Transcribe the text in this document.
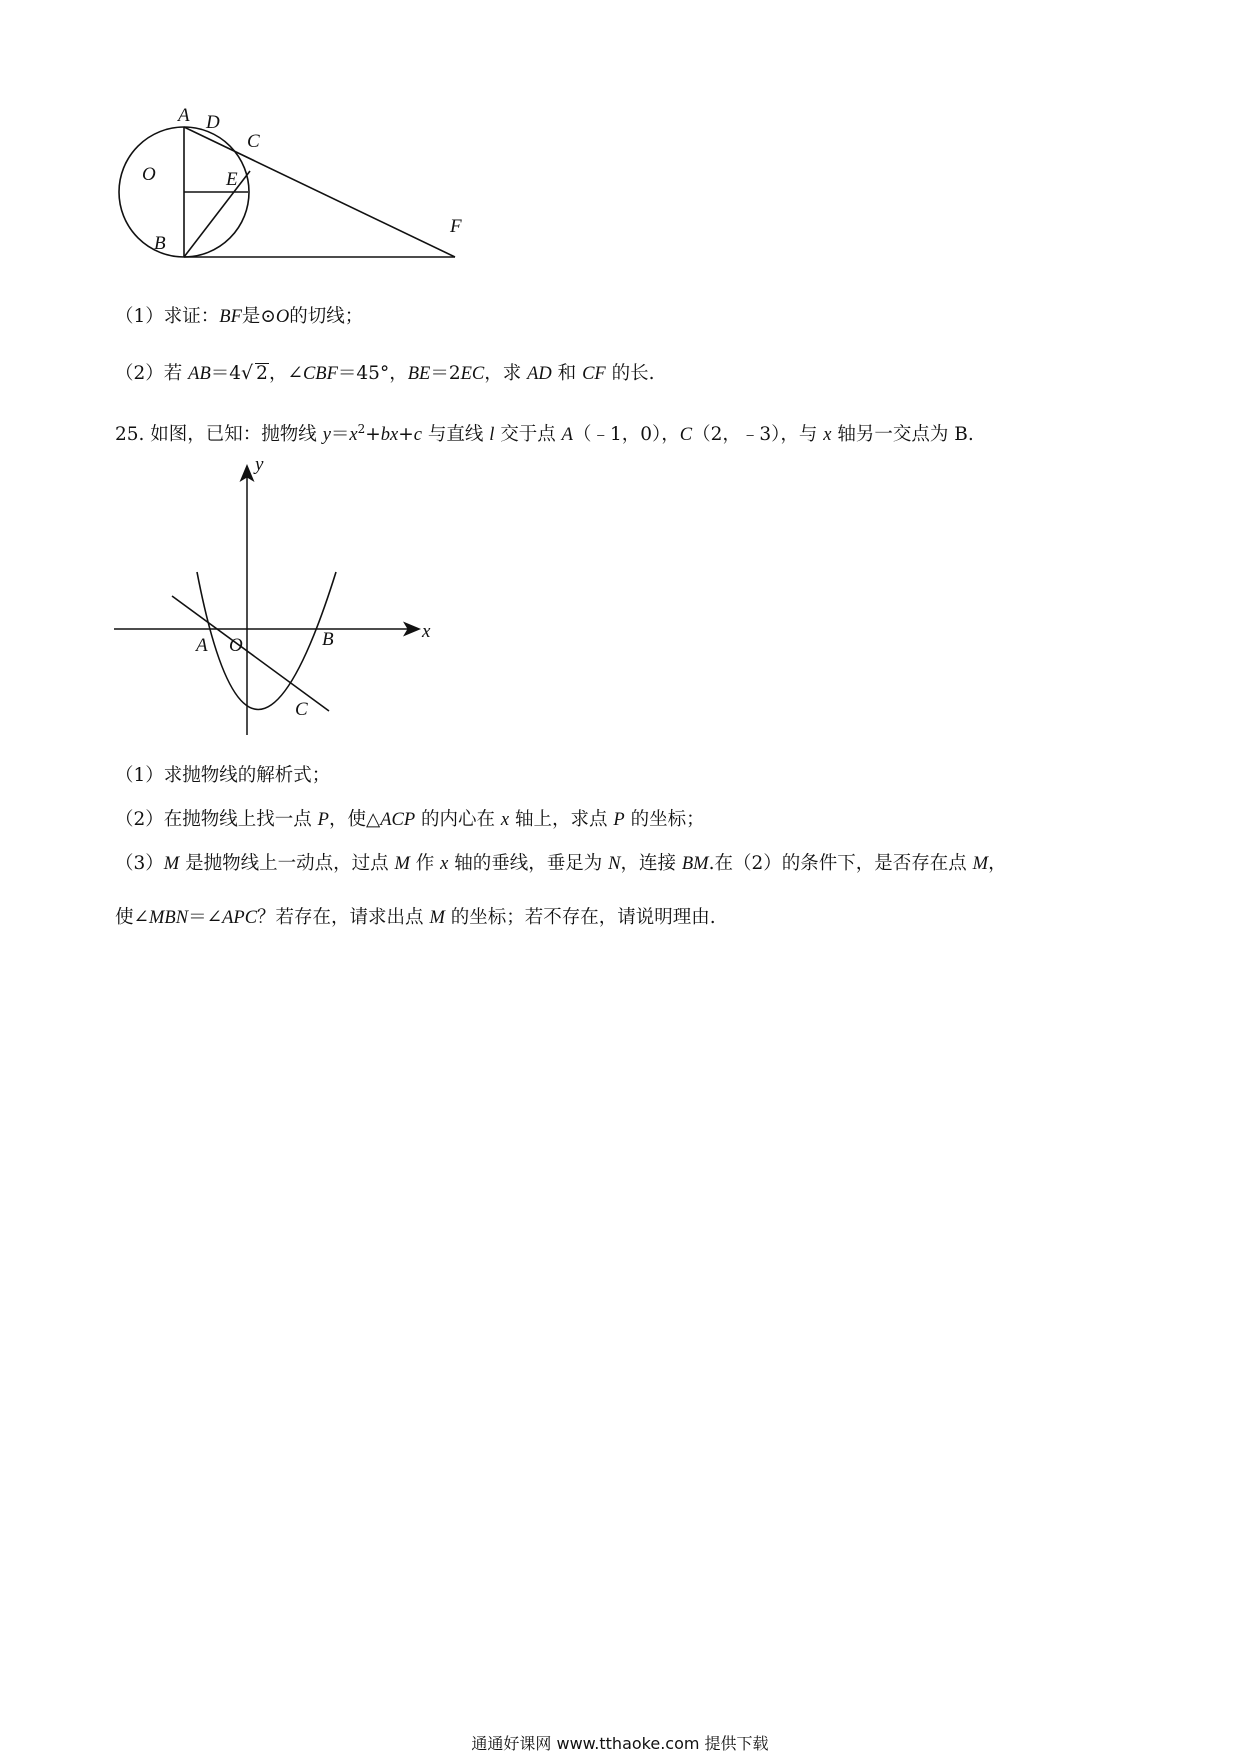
A D
C
O	E
B
F
（1）求证：BF是⊙O的切线；
（2）若 AB＝4√ 2，∠CBF＝45°，BE＝2EC，求 AD 和 CF 的长.
25. 如图，已知：抛物线 $y=x^2+bx+c$ 与直线 l 交于点 A（﹣1，0），C（2，﹣3），与 x 轴另一交点为 B.
y
x
A O	B
C
（1）求抛物线的解析式；
（2）在抛物线上找一点 P，使△ACP 的内心在 x 轴上，求点 P 的坐标；
（3）M 是抛物线上一动点，过点 M 作 x 轴的垂线，垂足为 N，连接 BM.在（2）的条件下，是否存在点 M，
使∠MBN＝∠APC？若存在，请求出点 M 的坐标；若不存在，请说明理由.
通通好课网 www.tthaoke.com 提供下载
